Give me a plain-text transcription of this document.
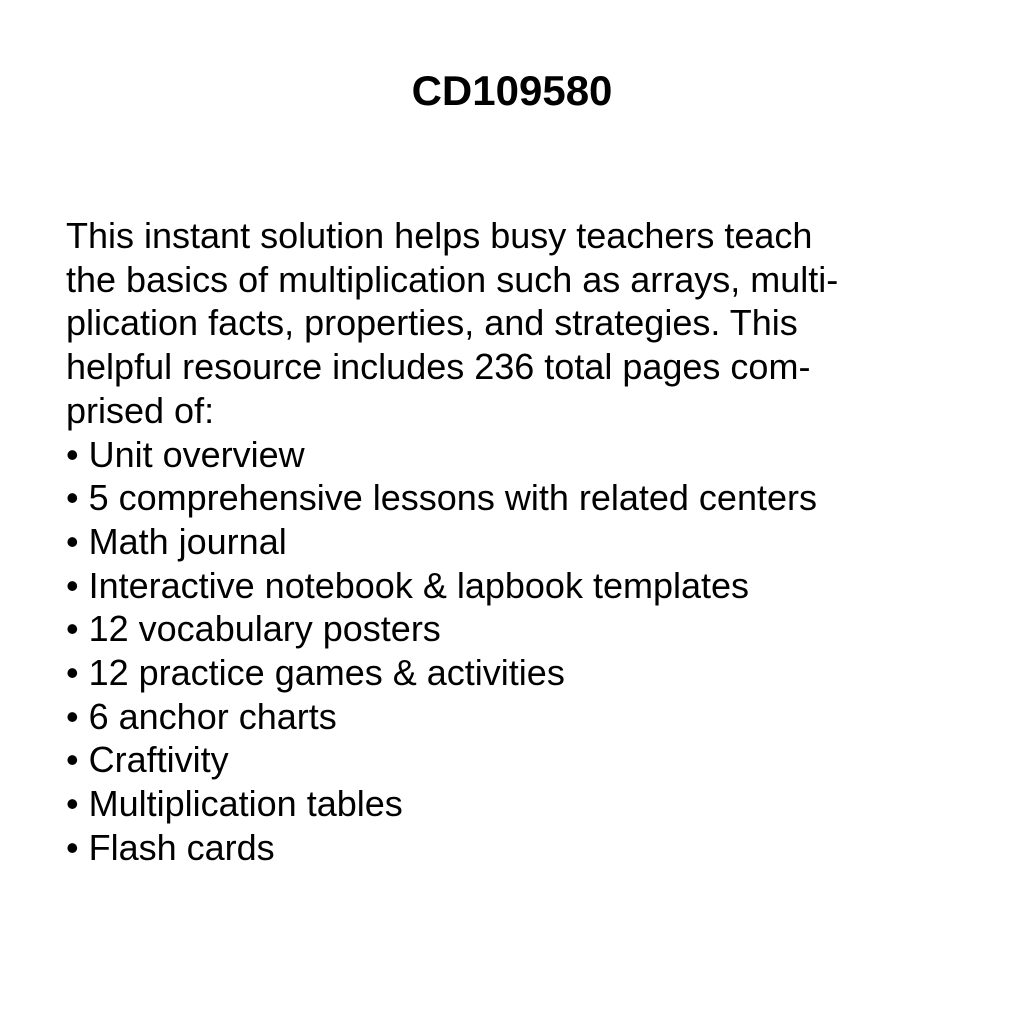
CD109580
This instant solution helps busy teachers teach
the basics of multiplication such as arrays, multi-
plication facts, properties, and strategies. This
helpful resource includes 236 total pages com-
prised of:
• Unit overview
• 5 comprehensive lessons with related centers
• Math journal
• Interactive notebook & lapbook templates
• 12 vocabulary posters
• 12 practice games & activities
• 6 anchor charts
• Craftivity
• Multiplication tables
• Flash cards
